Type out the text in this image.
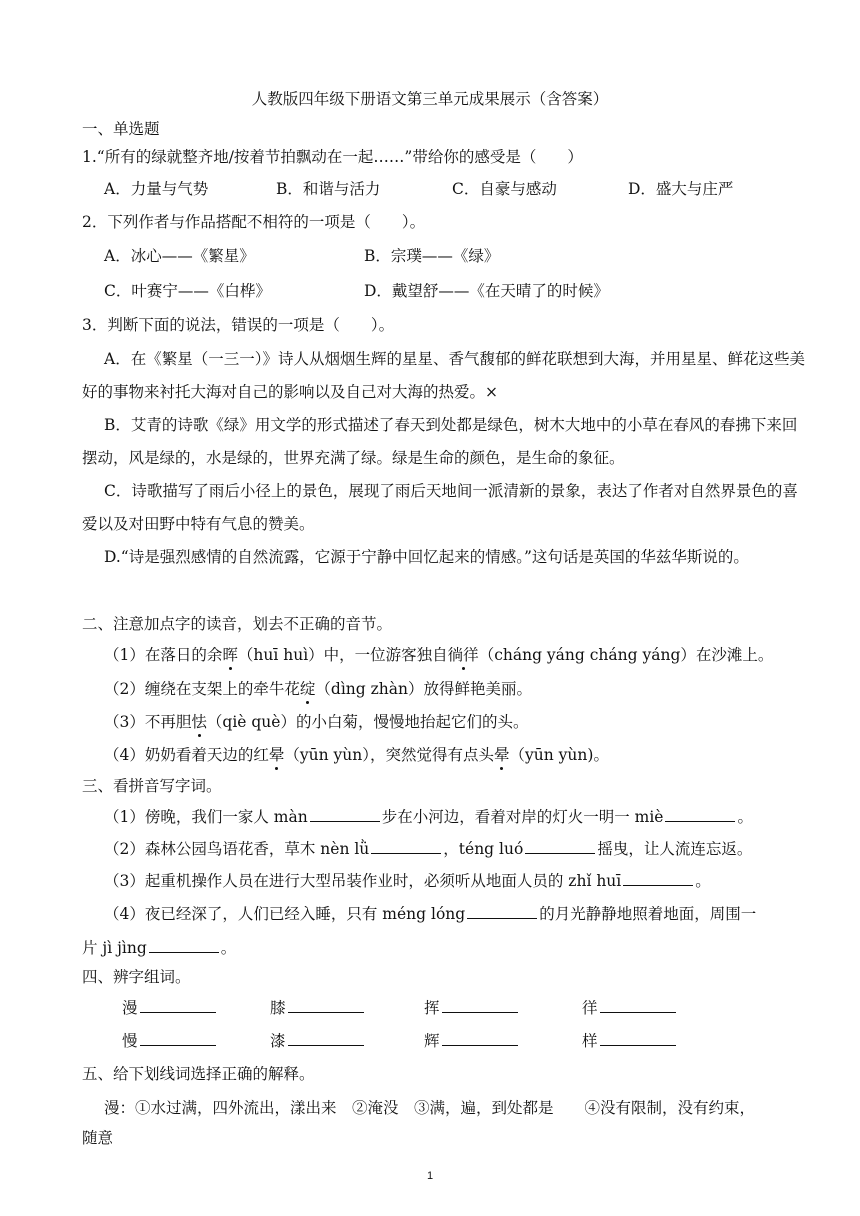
人教版四年级下册语文第三单元成果展示（含答案）
一、单选题
1.“所有的绿就整齐地/按着节拍飘动在一起……”带给你的感受是（　　）
A．力量与气势	B．和谐与活力	C．自豪与感动	D．盛大与庄严
2．下列作者与作品搭配不相符的一项是（　　）。
A．冰心——《繁星》	B．宗璞——《绿》
C．叶赛宁——《白桦》	D．戴望舒——《在天晴了的时候》
3．判断下面的说法，错误的一项是（　　）。
A．在《繁星（一三一）》诗人从烟烟生辉的星星、香气馥郁的鲜花联想到大海，并用星星、鲜花这些美好的事物来衬托大海对自己的影响以及自己对大海的热爱。×
B．艾青的诗歌《绿》用文学的形式描述了春天到处都是绿色，树木大地中的小草在春风的春拂下来回摆动，风是绿的，水是绿的，世界充满了绿。绿是生命的颜色，是生命的象征。
C．诗歌描写了雨后小径上的景色，展现了雨后天地间一派清新的景象，表达了作者对自然界景色的喜爱以及对田野中特有气息的赞美。
D.“诗是强烈感情的自然流露，它源于宁静中回忆起来的情感。”这句话是英国的华兹华斯说的。
二、注意加点字的读音，划去不正确的音节。
（1）在落日的余晖（huī huì）中，一位游客独自徜徉（cháng yáng cháng yáng）在沙滩上。
（2）缠绕在支架上的牵牛花绽（dìng zhàn）放得鲜艳美丽。
（3）不再胆怯（qiè què）的小白菊，慢慢地抬起它们的头。
（4）奶奶看着天边的红晕（yūn yùn），突然觉得有点头晕（yūn yùn)。
三、看拼音写字词。
（1）傍晚，我们一家人 màn	步在小河边，看着对岸的灯火一明一 miè	。
（2）森林公园鸟语花香，草木 nèn lǜ	，téng luó	摇曳，让人流连忘返。
（3）起重机操作人员在进行大型吊装作业时，必须听从地面人员的 zhǐ huī	。
（4）夜已经深了，人们已经入睡，只有 méng lóng	的月光静静地照着地面，周围一
片 jì jìng	。
四、辨字组词。
漫	膝	挥	徉
慢	漆	辉	样
五、给下划线词选择正确的解释。
漫：①水过满，四外流出，漾出来　②淹没　③满，遍，到处都是　　④没有限制，没有约束，
随意
1
